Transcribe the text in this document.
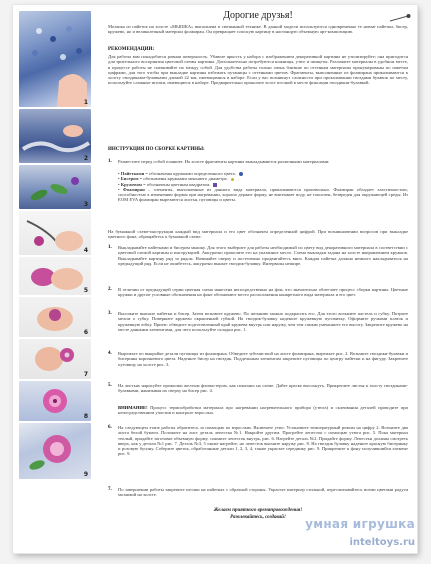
1
2
3
4
5
6
7
8
9
Дорогие друзья!
Мозаика из пайеток на холсте «МЫШКА» выполнена в смешанной технике. В данной модели используются одновременно те новые пайетки, бисер, кружево, но и великолепный материал фоамиран. Он превращает плоскую картину в настоящую объемную арт-композицию.
РЕКОМЕНДАЦИИ:
Для работы вам понадобится ровная поверхность. Убавьте яркость у набора с изображением декоративной картины не утилизируйте; она пригодится для зрительного восприятия цветовой схемы картины. Дополнительно потребуются ножницы, утюг и пинцеты. Разложите материалы в удобном месте, в процессе работы не смешивайте их между собой. Для удобства работы только очень близкие по оттенкам материалы пронумерованы по пакетам цифрами, для того чтобы при выкладке картины избежать путаницы с оттенками цветов. Фрагменты, выполненные из фоамирана прикалываются к холсту гвоздиками-булавками длиной 22 мм, имеющимися в наборе. Если у вас возникнут сложности при прокалывании гвоздями булавок по месту, используйте сложные иголки, имеющиеся в наборе. Предварительно проколите холст иголкой в месте фиксации гвоздиком-булавкой.
ИНСТРУКЦИЯ ПО СБОРКЕ КАРТИНЫ:
1.	Разместите перед собой планшет. На холсте фрагменты картины выкладываются различными материалами:
• Пайетками = обозначены кружками определенного цвета.
• Бисером = обозначены кружками меньшего диаметра.
• Кружевом = обозначены цветным квадратом.
• Фоамиран – элементы, выполненные из данного вида материала, прикалываются произвольно. Фоамиран обладает эластичностью, способностью к изменению формы при нагревании, хорошо держит форму, не впитывает воду, не токсичен, безвреден для окружающей среды. Из ЕОМ EVA фоамиран вырезаются листья, пуговицы и цветы.
На бумажной схеме-инструкции каждый вид материала и его цвет обозначен определенной цифрой. При возникновении вопросов при выкладке цветного фона, обращайтесь к бумажной схеме.
1.	Выкладывайте пайетками и бисером мышку. Для этого выберите для работы необходимый по цвету вид декоративного материала в соответствии с цветовой схемой картины и инструкцией. Аккуратно проколите его на указанное место. Схема выкладки задана на холсте направлением кружков. Выкладывайте картину ряд за рядом. Начинайте сверху и постепенно продвигайтесь вниз. Каждая пайетка должна немного накладываться на предыдущий ряд. Если не ошибетесь, аккуратно выньте гвоздик-булавку. Интервалы нешире.
2.	В отличии от предыдущей серии цветная схема нанесена непосредственно на фон, что значительно облегчает процесс сборки картины. Цветные кружки и другие условные обозначения на фоне обозначают место расположения конкретного вида материала и его цвет.
3.	Выложите вначале пайетки и бисер. Затем возьмите кружево. По желанию можно подкрасить его. Для этого возьмите пастель и губку. Потрите мелом о губку. Поверните кружево окрашенной губкой. На гвоздик-булавку наденьте кружевную пуговичку. Оформите ручками платок и кружевную юбку. Прием: обведите подготовленный край кружева внутрь или наружу, чем тем самым уменьшите его высоту. Закрепите кружево на месте данными элементами, для чего используйте складки рис. 1.
4.	Вырежьте по выкройке детали пуговицы из фоамирана. Обведите зубочисткой на листе фоамирана, вырежьте рис. 2. Возьмите гвоздики-булавки и бисерины коричневого цвета. Наденьте бисер на гвоздик. Поддельным элементам закрепите пуговицы по центру пайетки и на фигуру. Закрепите пуговицу на холсте рис. 3.
5.	На листьях нарисуйте прожилки желтым фломастером, как показано на схеме. Дайте краске высохнуть. Прикрепите листья к холсту гвоздиками-булавками, нанизывая их сверху на бисер рис. 4.
ВНИМАНИЕ! Процесс термообработки материала про нагревании нагревательного прибора (утюга) и склеивания деталей проводите при непосредственном участии и контроле взрослых.
6.	На следующем этапе работы обратитесь за помощью ко взрослым. Включите утюг. Установите температурный режим на цифру 2. Возьмите два листа белой бумаги. Положите на лист деталь лепестка №1. Накройте другим. Прогрейте лепесток с помощью утюга рис. 5. Пока материал теплый, придайте заготовке объемную форму, сожмите лепесток внутрь, рис. 6. Нагрейте деталь №2. Придайте форму. Лепестки должны смотреть вверх, как у детали №1 рис. 7. Деталь №3, 5 также нагрейте, но лепесток выгните наружу рис. 8. На гвоздик булавку наденьте красную бисеринку и розовую бусину. Соберите цветок, обработанные детали 1, 2, 3, 4, также украсьте серединку рис. 9. Прикрепите к фону получившийся элемент рис. 9.
7.	По завершении работы закрепите иголки на пайетках с обратной стороны. Украсьте интерьер стильной, пересчитывайтесь всеми цветами радуги мозаикой на холсте.
Желаем приятного времяпровождения!
Развлекайтесь, создавай!	умная игрушка
inteltoys.ru
